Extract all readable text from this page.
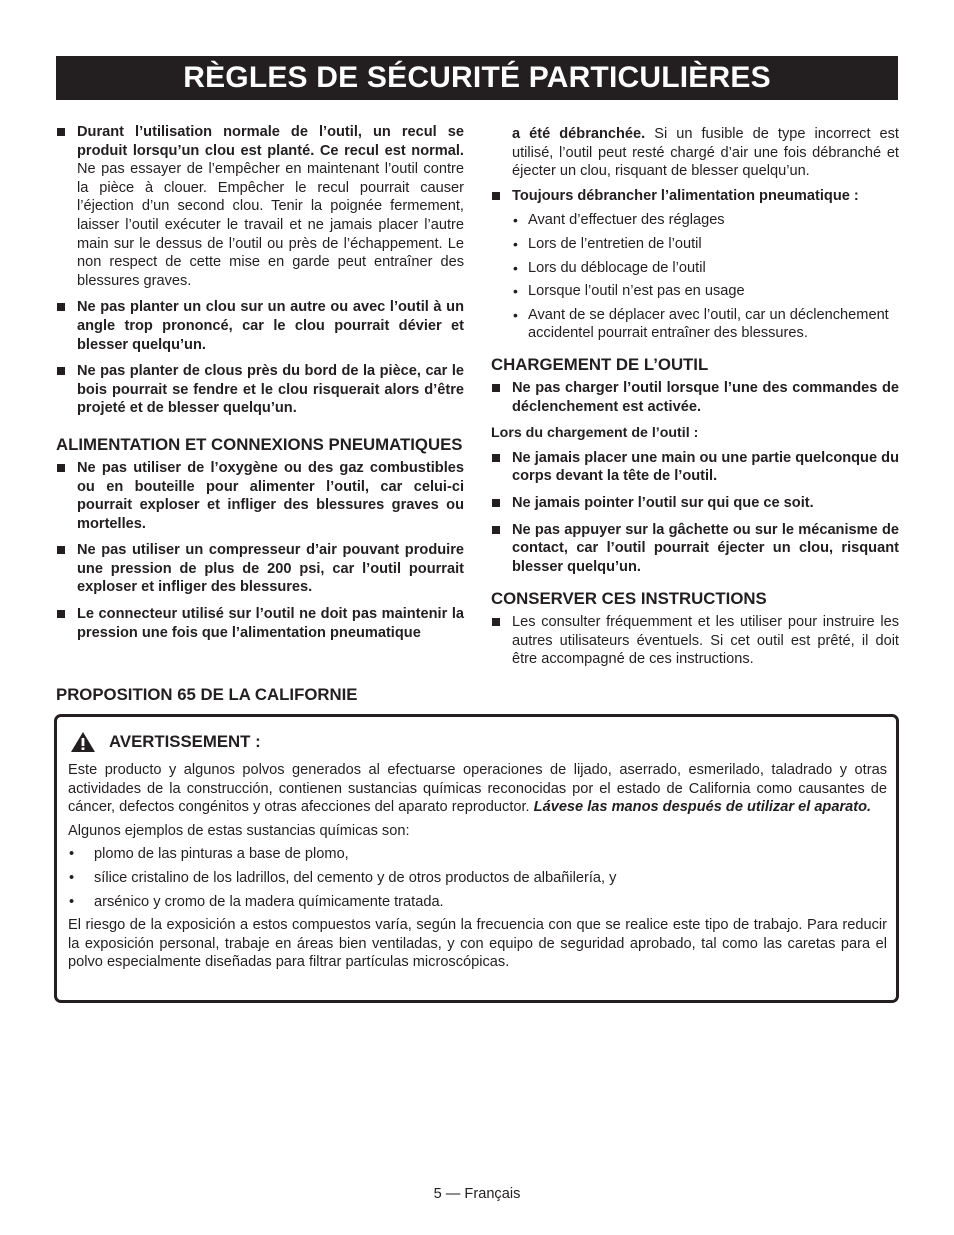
RÈGLES DE SÉCURITÉ PARTICULIÈRES
Durant l’utilisation normale de l’outil, un recul se produit lorsqu’un clou est planté. Ce recul est normal. Ne pas essayer de l’empêcher en maintenant l’outil contre la pièce à clouer. Empêcher le recul pourrait causer l’éjection d’un second clou. Tenir la poignée fermement, laisser l’outil exécuter le travail et ne jamais placer l’autre main sur le dessus de l’outil ou près de l’échappement. Le non respect de cette mise en garde peut entraîner des blessures graves.
Ne pas planter un clou sur un autre ou avec l’outil à un angle trop prononcé, car le clou pourrait dévier et blesser quelqu’un.
Ne pas planter de clous près du bord de la pièce, car le bois pourrait se fendre et le clou risquerait alors d’être projeté et de blesser quelqu’un.
ALIMENTATION ET CONNEXIONS PNEUMATIQUES
Ne pas utiliser de l’oxygène ou des gaz combustibles ou en bouteille pour alimenter l’outil, car celui-ci pourrait exploser et infliger des blessures graves ou mortelles.
Ne pas utiliser un compresseur d’air pouvant produire une pression de plus de 200 psi, car l’outil pourrait exploser et infliger des blessures.
Le connecteur utilisé sur l’outil ne doit pas maintenir la pression une fois que l’alimentation pneumatique
a été débranchée. Si un fusible de type incorrect est utilisé, l’outil peut resté chargé d’air une fois débranché et éjecter un clou, risquant de blesser quelqu’un.
Toujours débrancher l’alimentation pneumatique :
• Avant d’effectuer des réglages
• Lors de l’entretien de l’outil
• Lors du déblocage de l’outil
• Lorsque l’outil n’est pas en usage
• Avant de se déplacer avec l’outil, car un déclenchement accidentel pourrait entraîner des blessures.
CHARGEMENT DE L’OUTIL
Ne pas charger l’outil lorsque l’une des commandes de déclenchement est activée.
Lors du chargement de l’outil :
Ne jamais placer une main ou une partie quelconque du corps devant la tête de l’outil.
Ne jamais pointer l’outil sur qui que ce soit.
Ne pas appuyer sur la gâchette ou sur le mécanisme de contact, car l’outil pourrait éjecter un clou, risquant blesser quelqu’un.
CONSERVER CES INSTRUCTIONS
Les consulter fréquemment et les utiliser pour instruire les autres utilisateurs éventuels. Si cet outil est prêté, il doit être accompagné de ces instructions.
PROPOSITION 65 DE LA CALIFORNIE
AVERTISSEMENT :

Este producto y algunos polvos generados al efectuarse operaciones de lijado, aserrado, esmerilado, taladrado y otras actividades de la construcción, contienen sustancias químicas reconocidas por el estado de California como causantes de cáncer, defectos congénitos y otras afecciones del aparato reproductor. Lávese las manos después de utilizar el aparato.

Algunos ejemplos de estas sustancias químicas son:

• plomo de las pinturas a base de plomo,
• sílice cristalino de los ladrillos, del cemento y de otros productos de albañilería, y
• arsénico y cromo de la madera químicamente tratada.

El riesgo de la exposición a estos compuestos varía, según la frecuencia con que se realice este tipo de trabajo. Para reducir la exposición personal, trabaje en áreas bien ventiladas, y con equipo de seguridad aprobado, tal como las caretas para el polvo especialmente diseñadas para filtrar partículas microscópicas.

5 — Français
